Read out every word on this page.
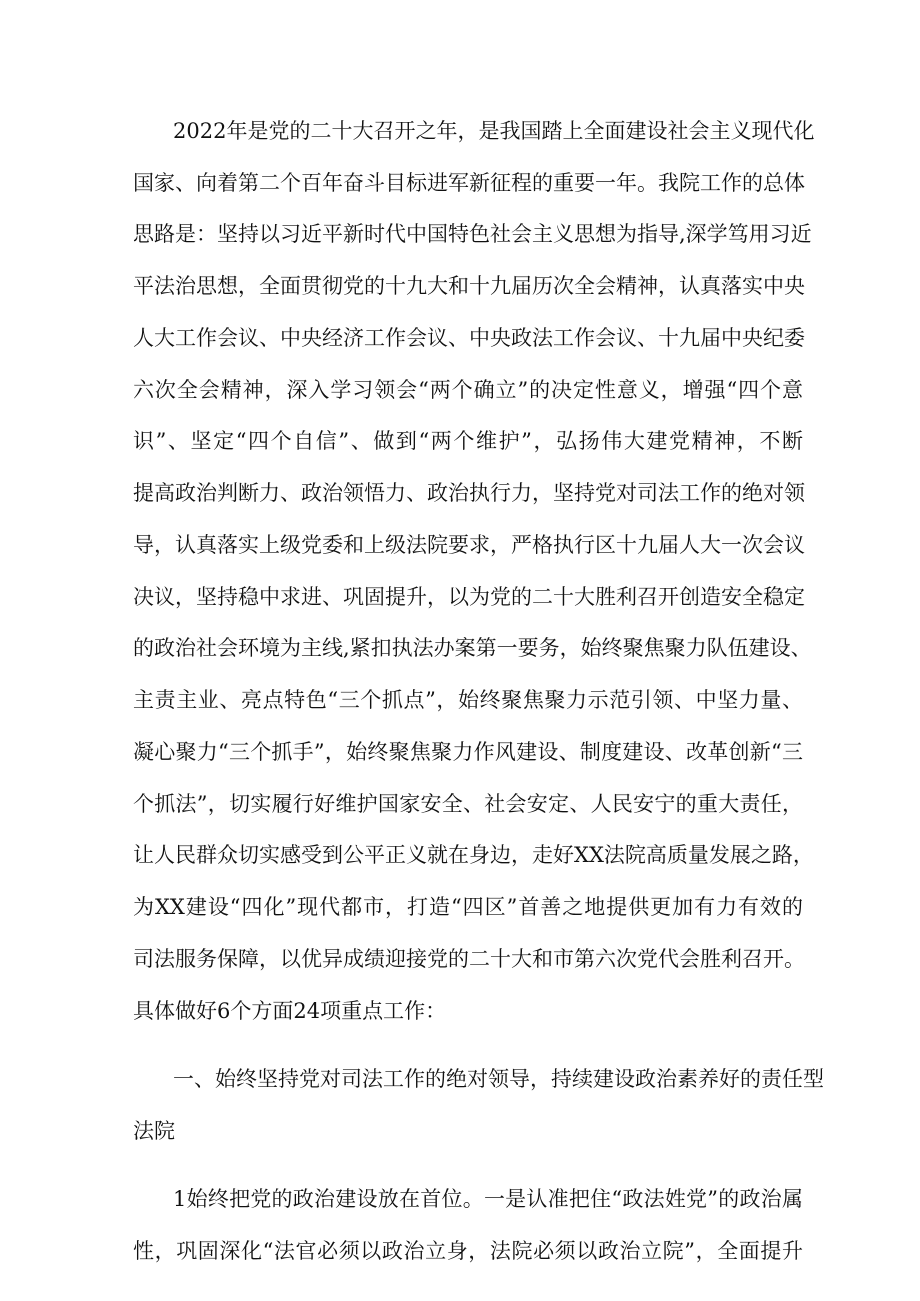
2022年是党的二十大召开之年，是我国踏上全面建设社会主义现代化
国家、向着第二个百年奋斗目标进军新征程的重要一年。我院工作的总体
思路是：坚持以习近平新时代中国特色社会主义思想为指导,深学笃用习近
平法治思想，全面贯彻党的十九大和十九届历次全会精神，认真落实中央
人大工作会议、中央经济工作会议、中央政法工作会议、十九届中央纪委
六次全会精神，深入学习领会“两个确立”的决定性意义，增强“四个意
识”、坚定“四个自信”、做到“两个维护”，弘扬伟大建党精神，不断
提高政治判断力、政治领悟力、政治执行力，坚持党对司法工作的绝对领
导，认真落实上级党委和上级法院要求，严格执行区十九届人大一次会议
决议，坚持稳中求进、巩固提升，以为党的二十大胜利召开创造安全稳定
的政治社会环境为主线,紧扣执法办案第一要务，始终聚焦聚力队伍建设、
主责主业、亮点特色“三个抓点”，始终聚焦聚力示范引领、中坚力量、
凝心聚力“三个抓手”，始终聚焦聚力作风建设、制度建设、改革创新“三
个抓法”，切实履行好维护国家安全、社会安定、人民安宁的重大责任，
让人民群众切实感受到公平正义就在身边，走好XX法院高质量发展之路，
为XX建设“四化”现代都市，打造“四区”首善之地提供更加有力有效的
司法服务保障，以优异成绩迎接党的二十大和市第六次党代会胜利召开。
具体做好6个方面24项重点工作：
一、始终坚持党对司法工作的绝对领导，持续建设政治素养好的责任型
法院
1始终把党的政治建设放在首位。一是认准把住“政法姓党”的政治属
性，巩固深化“法官必须以政治立身，法院必须以政治立院”，全面提升
